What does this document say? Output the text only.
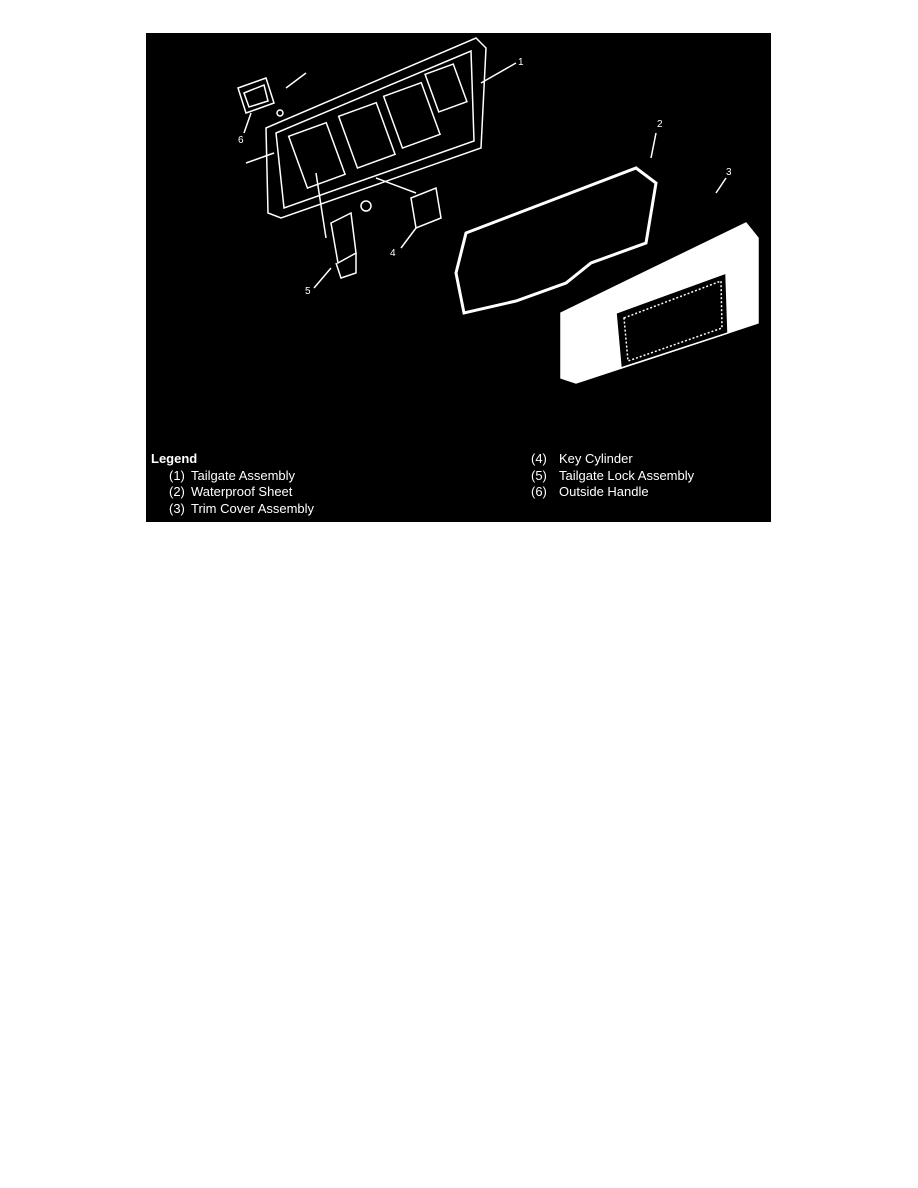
1
2
3
4
5
6
Legend
(1) Tailgate Assembly
(2) Waterproof Sheet
(3) Trim Cover Assembly
(4) Key Cylinder
(5) Tailgate Lock Assembly
(6) Outside Handle
